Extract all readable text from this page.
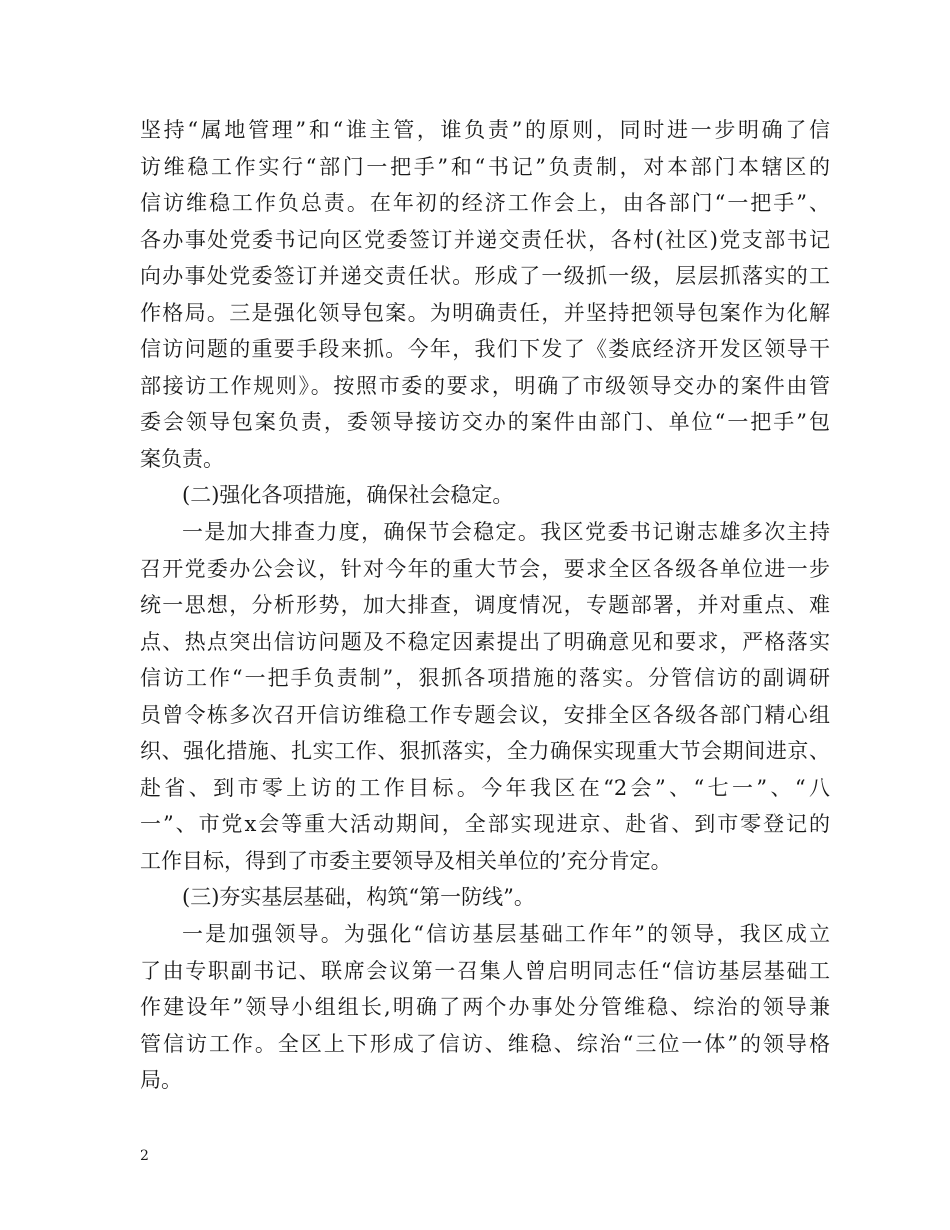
坚持“属地管理”和“谁主管，谁负责”的原则，同时进一步明确了信
访维稳工作实行“部门一把手”和“书记”负责制，对本部门本辖区的
信访维稳工作负总责。在年初的经济工作会上，由各部门“一把手”、
各办事处党委书记向区党委签订并递交责任状，各村(社区)党支部书记
向办事处党委签订并递交责任状。形成了一级抓一级，层层抓落实的工
作格局。三是强化领导包案。为明确责任，并坚持把领导包案作为化解
信访问题的重要手段来抓。今年，我们下发了《娄底经济开发区领导干
部接访工作规则》。按照市委的要求，明确了市级领导交办的案件由管
委会领导包案负责，委领导接访交办的案件由部门、单位“一把手”包
案负责。
(二)强化各项措施，确保社会稳定。
一是加大排查力度，确保节会稳定。我区党委书记谢志雄多次主持
召开党委办公会议，针对今年的重大节会，要求全区各级各单位进一步
统一思想，分析形势，加大排查，调度情况，专题部署，并对重点、难
点、热点突出信访问题及不稳定因素提出了明确意见和要求，严格落实
信访工作“一把手负责制”，狠抓各项措施的落实。分管信访的副调研
员曾令栋多次召开信访维稳工作专题会议，安排全区各级各部门精心组
织、强化措施、扎实工作、狠抓落实，全力确保实现重大节会期间进京、
赴省、到市零上访的工作目标。今年我区在“2会”、“七一”、“八
一”、市党x会等重大活动期间，全部实现进京、赴省、到市零登记的
工作目标，得到了市委主要领导及相关单位的’充分肯定。
(三)夯实基层基础，构筑“第一防线”。
一是加强领导。为强化“信访基层基础工作年”的领导，我区成立
了由专职副书记、联席会议第一召集人曾启明同志任“信访基层基础工
作建设年”领导小组组长,明确了两个办事处分管维稳、综治的领导兼
管信访工作。全区上下形成了信访、维稳、综治“三位一体”的领导格
局。
2
